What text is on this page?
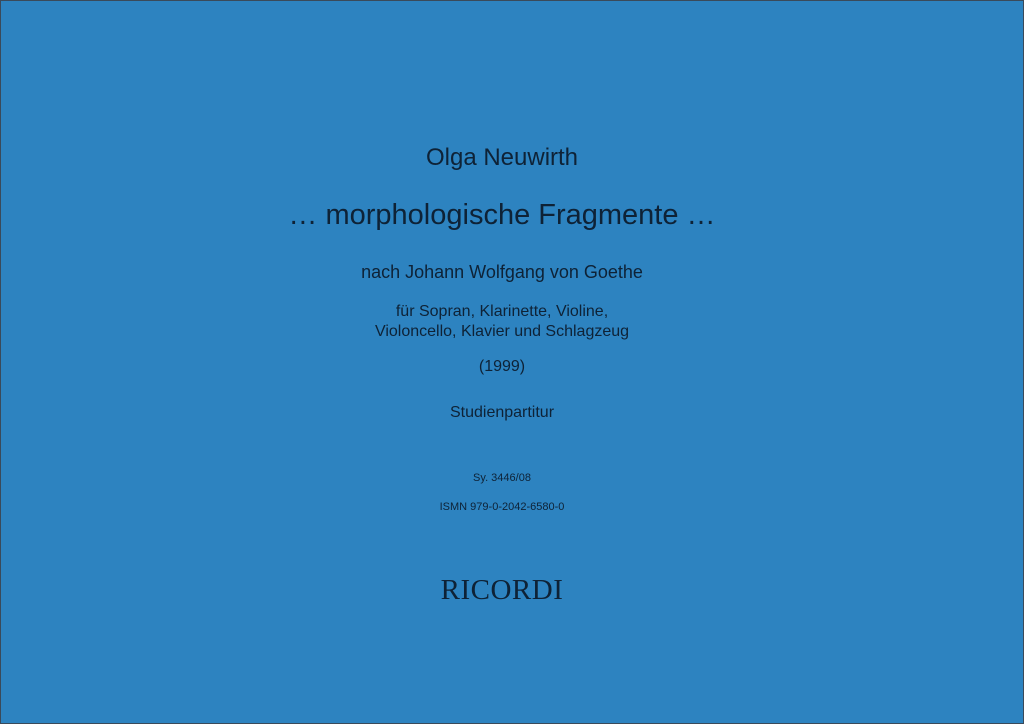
Olga Neuwirth
… morphologische Fragmente …
nach Johann Wolfgang von Goethe
für Sopran, Klarinette, Violine,
Violoncello, Klavier und Schlagzeug
(1999)
Studienpartitur
Sy. 3446/08
ISMN 979-0-2042-6580-0
RICORDI
